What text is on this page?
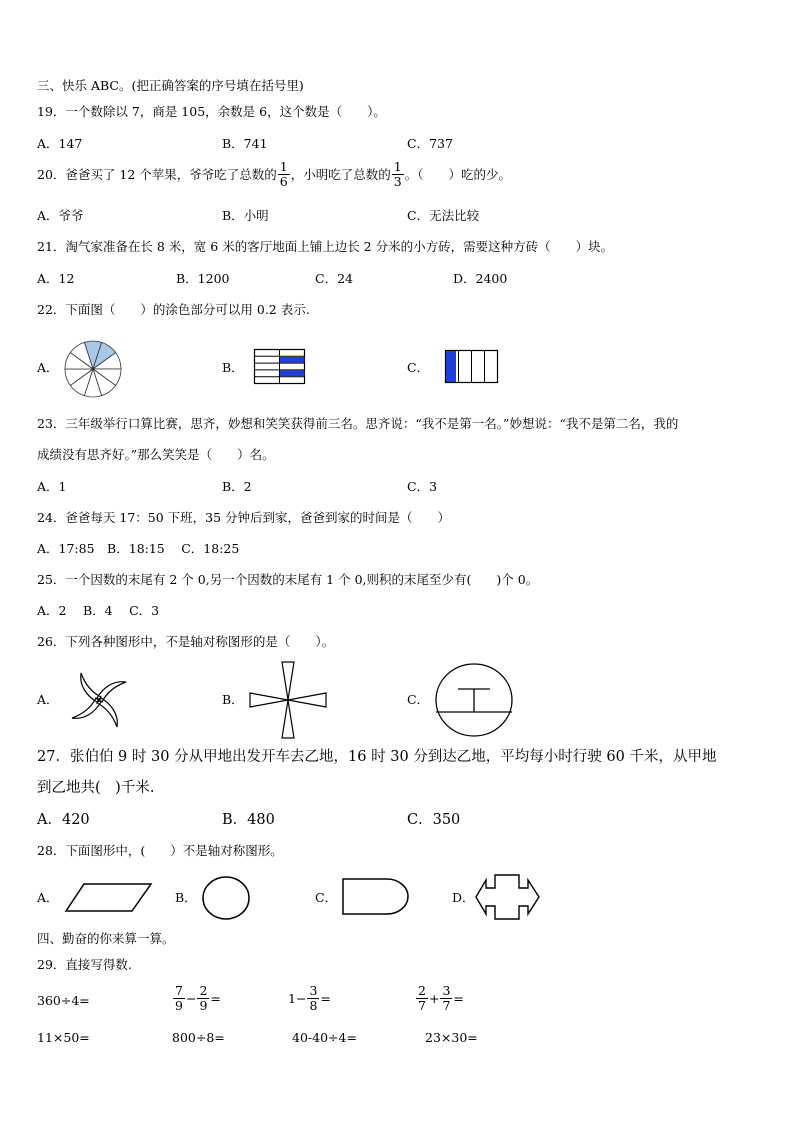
三、快乐 ABC。(把正确答案的序号填在括号里)
19．一个数除以 7，商是 105，余数是 6，这个数是（　　）。
A．147	B．741	C．737
20．爸爸买了 12 个苹果，爷爷吃了总数的 $\frac{1}{6}$ ，小明吃了总数的 $\frac{1}{3}$ 。（　　）吃的少。
A．爷爷	B．小明	C．无法比较
21．淘气家准备在长 8 米，宽 6 米的客厅地面上铺上边长 2 分米的小方砖，需要这种方砖（　　）块。
A．12	B．1200	C．24	D．2400
22．下面图（　　）的涂色部分可以用 0.2 表示.
A．	B．	C．
23．三年级举行口算比赛，思齐，妙想和笑笑获得前三名。思齐说：“我不是第一名。”妙想说：“我不是第二名，我的
成绩没有思齐好。”那么笑笑是（　　）名。
A．1	B．2	C．3
24．爸爸每天 17：50 下班，35 分钟后到家，爸爸到家的时间是（　　）
A．17:85　B．18:15　 C．18:25
25．一个因数的末尾有 2 个 0,另一个因数的末尾有 1 个 0,则积的末尾至少有(　　)个 0。
A．2　 B．4　 C．3
26．下列各种图形中，不是轴对称图形的是（　　）。
A．	B．	C．
27．张伯伯 9 时 30 分从甲地出发开车去乙地，16 时 30 分到达乙地，平均每小时行驶 60 千米，从甲地
到乙地共(　)千米.
A．420	B．480	C．350
28．下面图形中，(　　）不是轴对称图形。
A．	B．	C．	D．
四、勤奋的你来算一算。
29．直接写得数.
360÷4=	$\frac{7}{9} - \frac{2}{9}$ =	$1- \frac{3}{8}$ =	$\frac{2}{7} + \frac{3}{7}$ =
11×50=	800÷8=	40-40÷4=	23×30=
